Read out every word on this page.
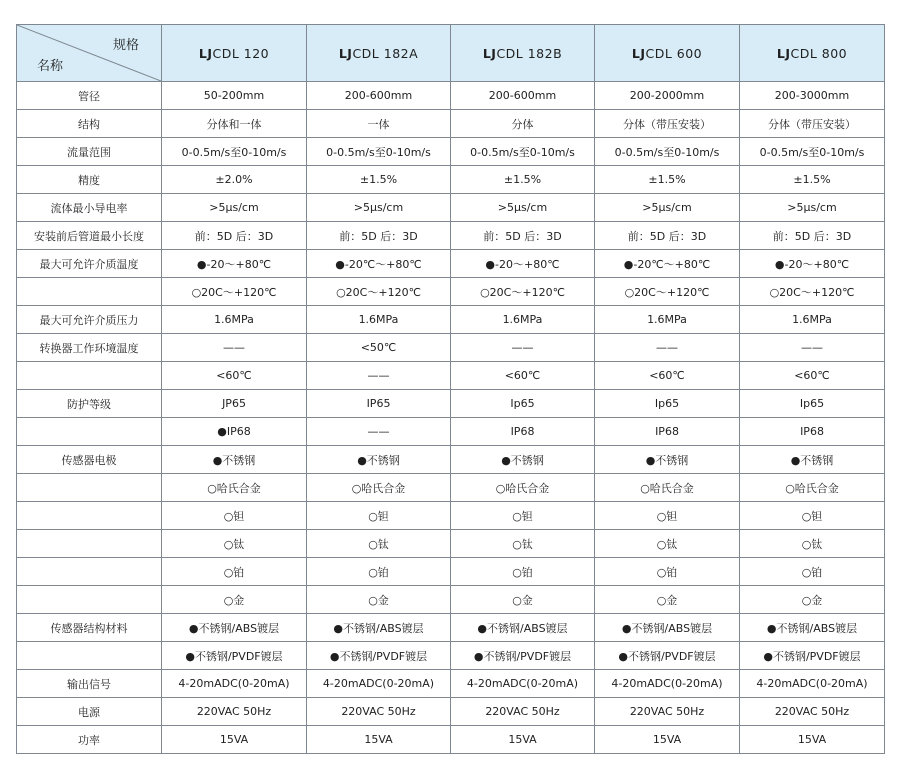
规格
名称	LJCDL 120	LJCDL 182A	LJCDL 182B	LJCDL 600	LJCDL 800
管径	50-200mm	200-600mm	200-600mm	200-2000mm	200-3000mm
结构	分体和一体	一体	分体	分体（带压安装）	分体（带压安装）
流量范围	0-0.5m/s至0-10m/s	0-0.5m/s至0-10m/s	0-0.5m/s至0-10m/s	0-0.5m/s至0-10m/s	0-0.5m/s至0-10m/s
精度	±2.0%	±1.5%	±1.5%	±1.5%	±1.5%
流体最小导电率	>5μs/cm	>5μs/cm	>5μs/cm	>5μs/cm	>5μs/cm
安装前后管道最小长度	前：5D 后：3D	前：5D 后：3D	前：5D 后：3D	前：5D 后：3D	前：5D 后：3D
最大可允许介质温度	●-20～+80℃	●-20℃～+80℃	●-20～+80℃	●-20℃～+80℃	●-20～+80℃
	○20C～+120℃	○20C～+120℃	○20C～+120℃	○20C～+120℃	○20C～+120℃
最大可允许介质压力	1.6MPa	1.6MPa	1.6MPa	1.6MPa	1.6MPa
转换器工作环境温度	——	<50℃	——	——	——
	<60℃	——	<60℃	<60℃	<60℃
防护等级	JP65	IP65	Ip65	Ip65	Ip65
	●IP68	——	IP68	IP68	IP68
传感器电极	●不锈钢	●不锈钢	●不锈钢	●不锈钢	●不锈钢
	○哈氏合金	○哈氏合金	○哈氏合金	○哈氏合金	○哈氏合金
	○钽	○钽	○钽	○钽	○钽
	○钛	○钛	○钛	○钛	○钛
	○铂	○铂	○铂	○铂	○铂
	○金	○金	○金	○金	○金
传感器结构材料	●不锈钢/ABS镀层	●不锈钢/ABS镀层	●不锈钢/ABS镀层	●不锈钢/ABS镀层	●不锈钢/ABS镀层
	●不锈钢/PVDF镀层	●不锈钢/PVDF镀层	●不锈钢/PVDF镀层	●不锈钢/PVDF镀层	●不锈钢/PVDF镀层
输出信号	4-20mADC(0-20mA)	4-20mADC(0-20mA)	4-20mADC(0-20mA)	4-20mADC(0-20mA)	4-20mADC(0-20mA)
电源	220VAC 50Hz	220VAC 50Hz	220VAC 50Hz	220VAC 50Hz	220VAC 50Hz
功率	15VA	15VA	15VA	15VA	15VA
